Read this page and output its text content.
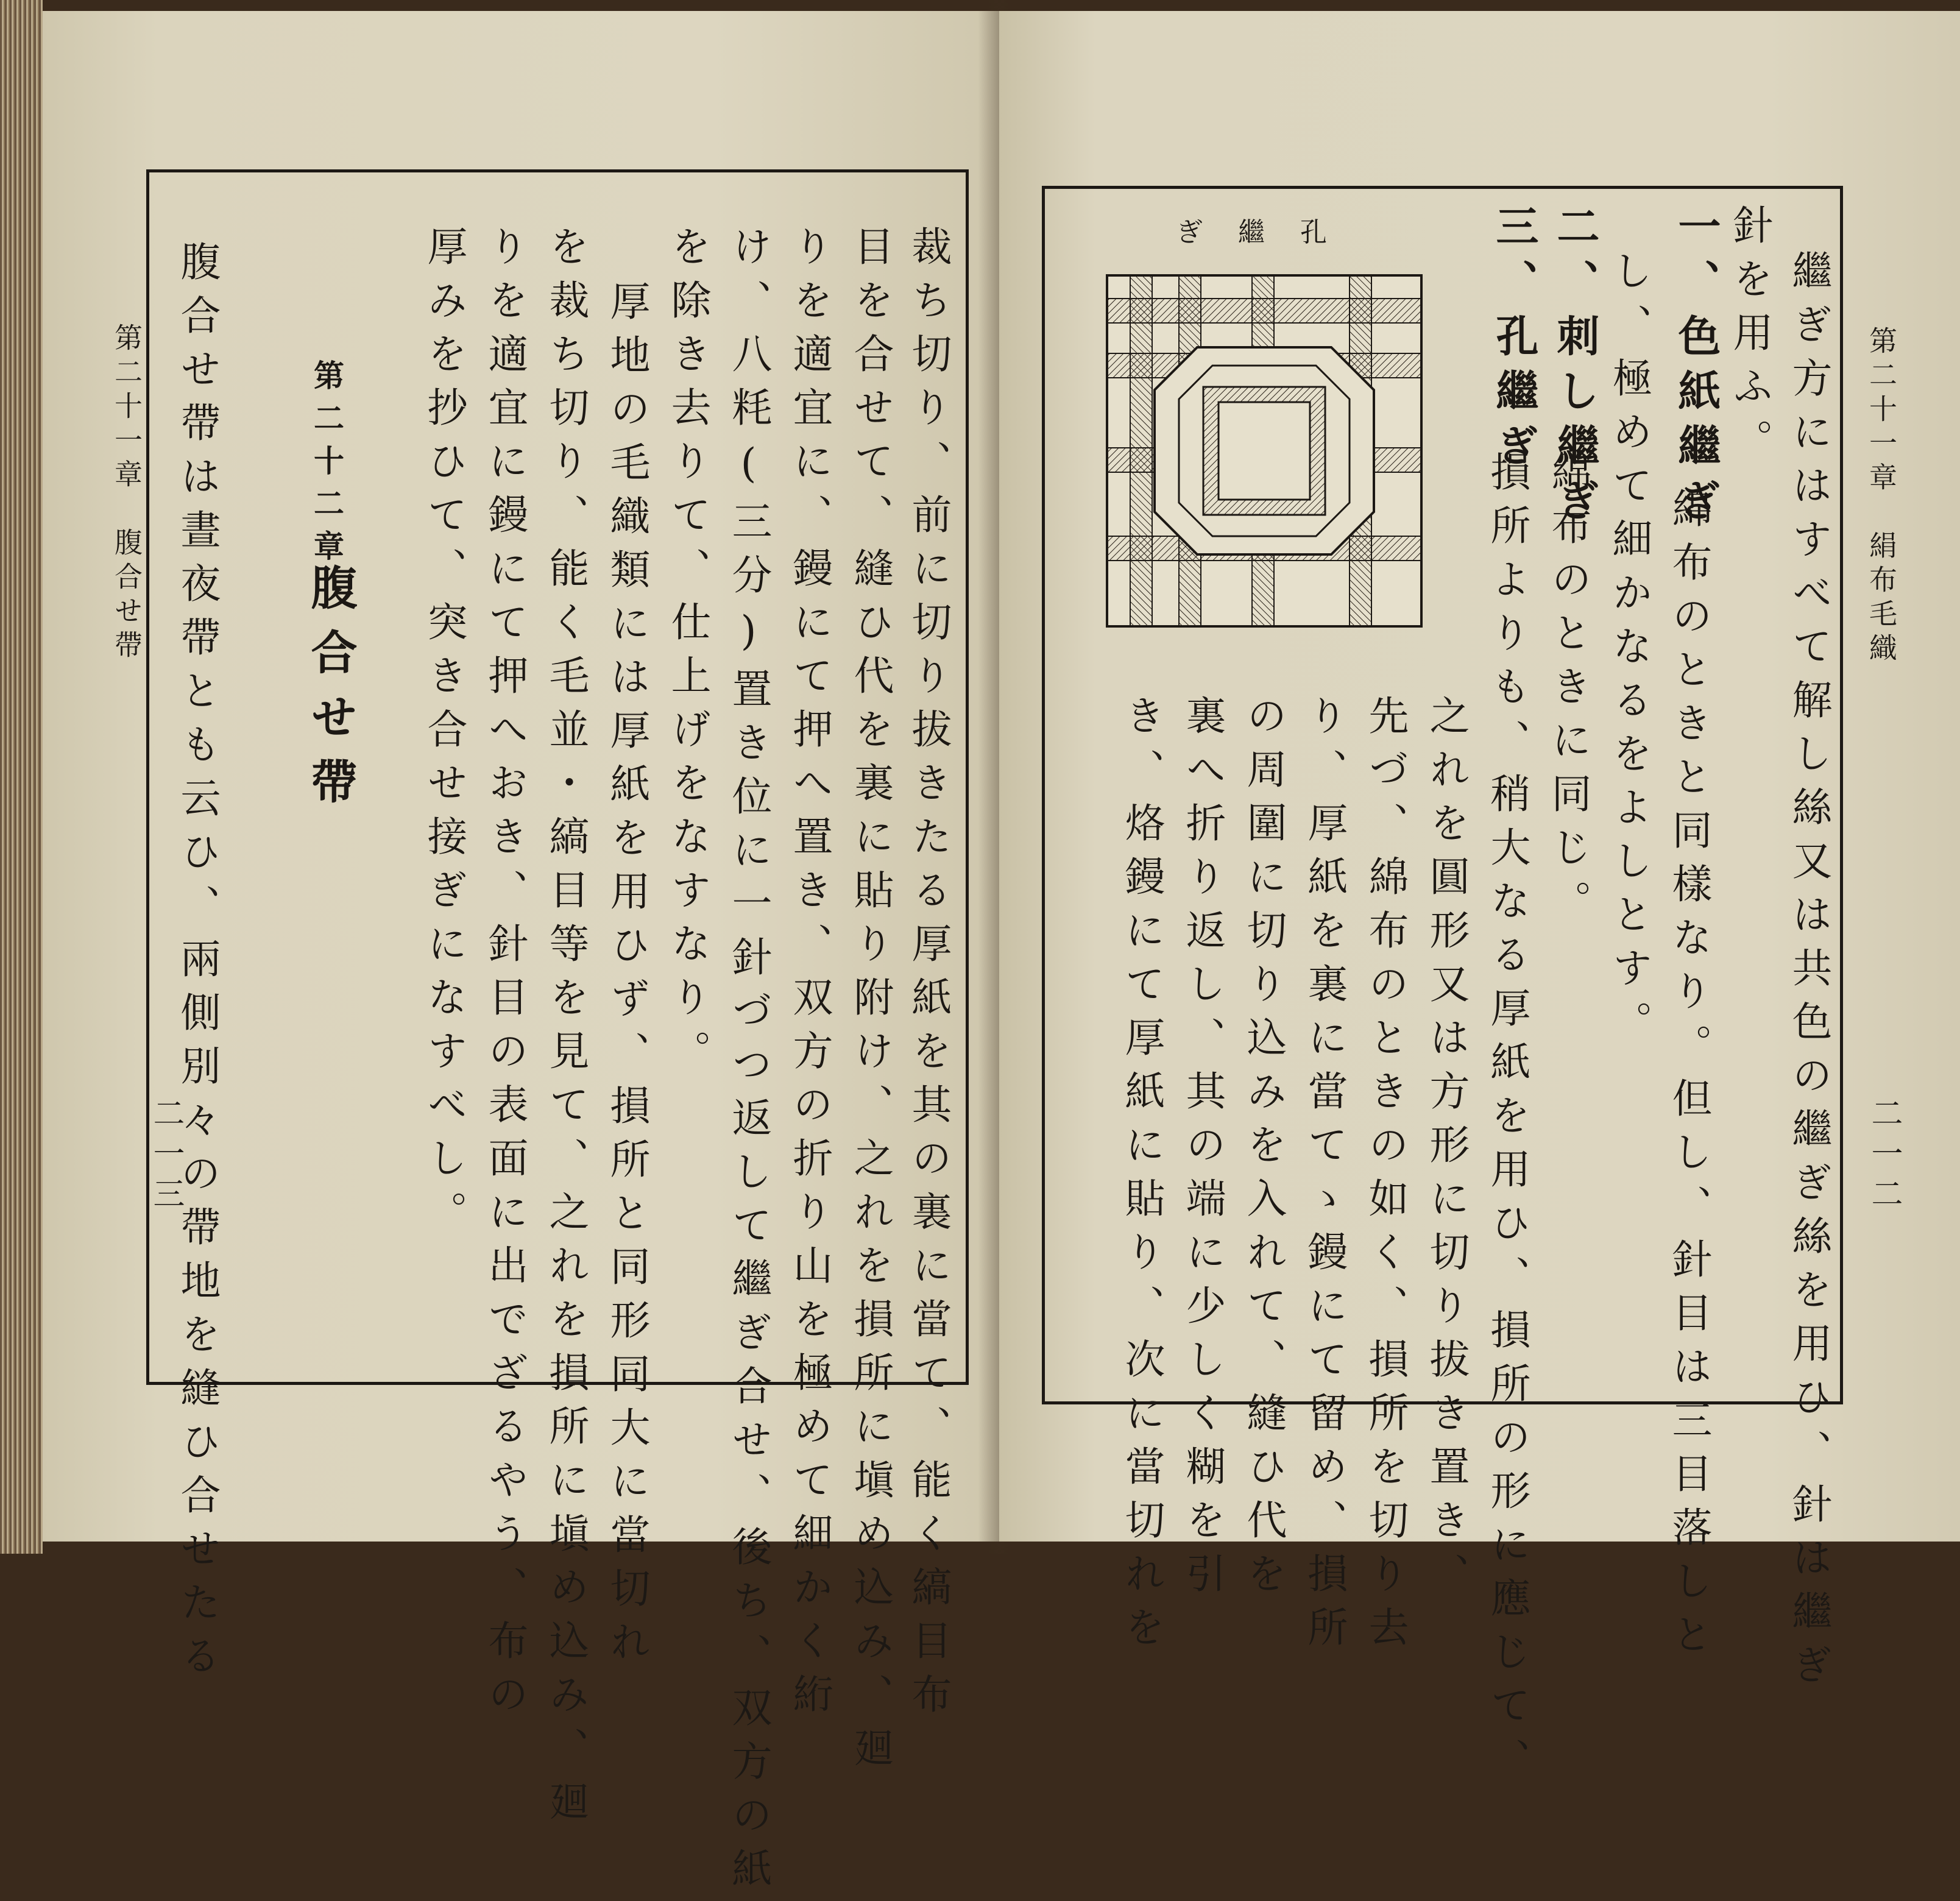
第二十一章　腹合せ帶
二一三	裁ち切り、前に切り拔きたる厚紙を其の裏に當て、能く縞目布
目を合せて、縫ひ代を裏に貼り附け、之れを損所に塡め込み、廻
りを適宜に、鏝にて押へ置き、双方の折り山を極めて細かく絎
け、八粍(三分)置き位に一針づつ返して繼ぎ合せ、後ち、双方の紙
を除き去りて、仕上げをなすなり。
厚地の毛織類には厚紙を用ひず、損所と同形同大に當切れ
を裁ち切り、能く毛並・縞目等を見て、之れを損所に塡め込み、廻
りを適宜に鏝にて押へおき、針目の表面に出でざるやう、布の
厚みを抄ひて、突き合せ接ぎになすべし。
第二十二章
腹合せ帶
腹合せ帶は晝夜帶とも云ひ、兩側別々の帶地を縫ひ合せたる	第二十一章　絹布毛織
二一二
繼ぎ方にはすべて解し絲又は共色の繼ぎ絲を用ひ、針は繼ぎ
針を用ふ。
一、色紙繼ぎ
綿布のときと同樣なり。但し、針目は三目落しと
し、極めて細かなるをよしとす。
二、刺し繼ぎ
綿布のときに同じ。
三、孔繼ぎ
損所よりも、稍大なる厚紙を用ひ、損所の形に應じて、
之れを圓形又は方形に切り拔き置き、
先づ、綿布のときの如く、損所を切り去
り、厚紙を裏に當てゝ鏝にて留め、損所
の周圍に切り込みを入れて、縫ひ代を
裏へ折り返し、其の端に少しく糊を引
き、烙鏝にて厚紙に貼り、次に當切れを
ぎ繼孔
